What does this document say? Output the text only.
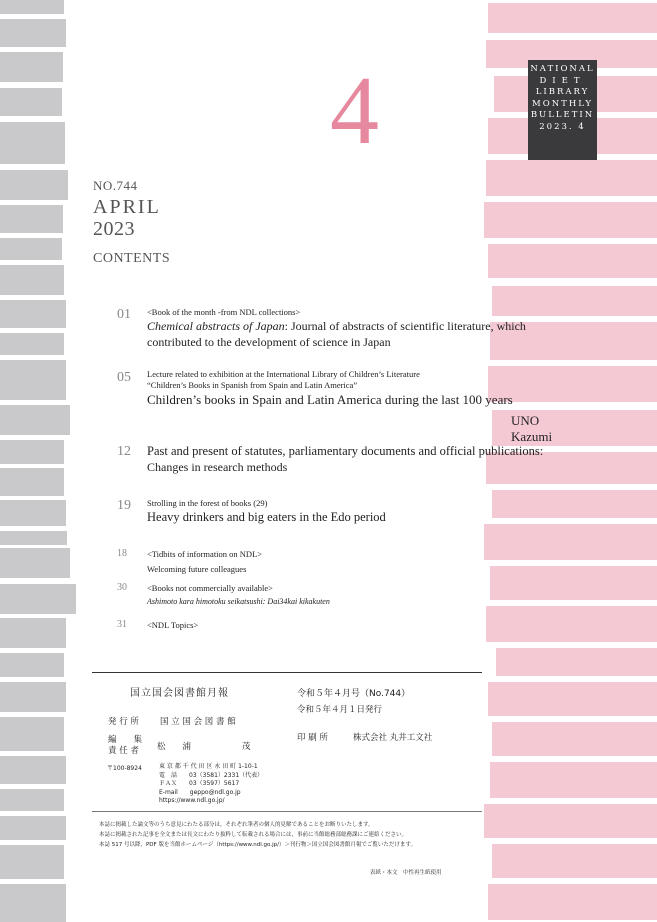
NATIONAL
DIET
LIBRARY
MONTHLY
BULLETIN
2023. 4
4
NO.744
APRIL
2023
CONTENTS
01 <Book of the month -from NDL collections>
Chemical abstracts of Japan: Journal of abstracts of scientific literature, which
contributed to the development of science in Japan
05 Lecture related to exhibition at the International Library of Children’s Literature
“Children’s Books in Spanish from Spain and Latin America”
Children’s books in Spain and Latin America during the last 100 years
UNO Kazumi
12 Past and present of statutes, parliamentary documents and official publications:
Changes in research methods
19 Strolling in the forest of books (29)
Heavy drinkers and big eaters in the Edo period
18 <Tidbits of information on NDL>
Welcoming future colleagues
30 <Books not commercially available>
Ashimoto kara himotoku seikatsushi: Dai34kai kikakuten
31 <NDL Topics>
国立国会図書館月報	令和５年４月号（No.744）
令和５年４月１日発行
発 行 所 国 立 国 会 図 書 館
編　　集
責 任 者 松　　浦　　　　　　茂
印 刷 所	株式会社 丸井工文社
〒100-8924	東 京 都 千 代 田 区 永 田 町 1-10-1
電　話　　03（3581）2331（代表）
ＦＡＸ　　03（3597）5617
E-mail　　geppo@ndl.go.jp
https://www.ndl.go.jp/
本誌に掲載した論文等のうち意見にわたる部分は，それぞれ筆者の個人的見解であることをお断りいたします。
本誌に掲載された記事を全文または長文にわたり抜粋して転載される場合には，事前に当館総務部総務課にご連絡ください。
本誌 517 号以降，PDF 版を当館ホームページ（https://www.ndl.go.jp/）＞刊行物＞国立国会図書館月報でご覧いただけます。
表紙・本文　中性再生紙使用
